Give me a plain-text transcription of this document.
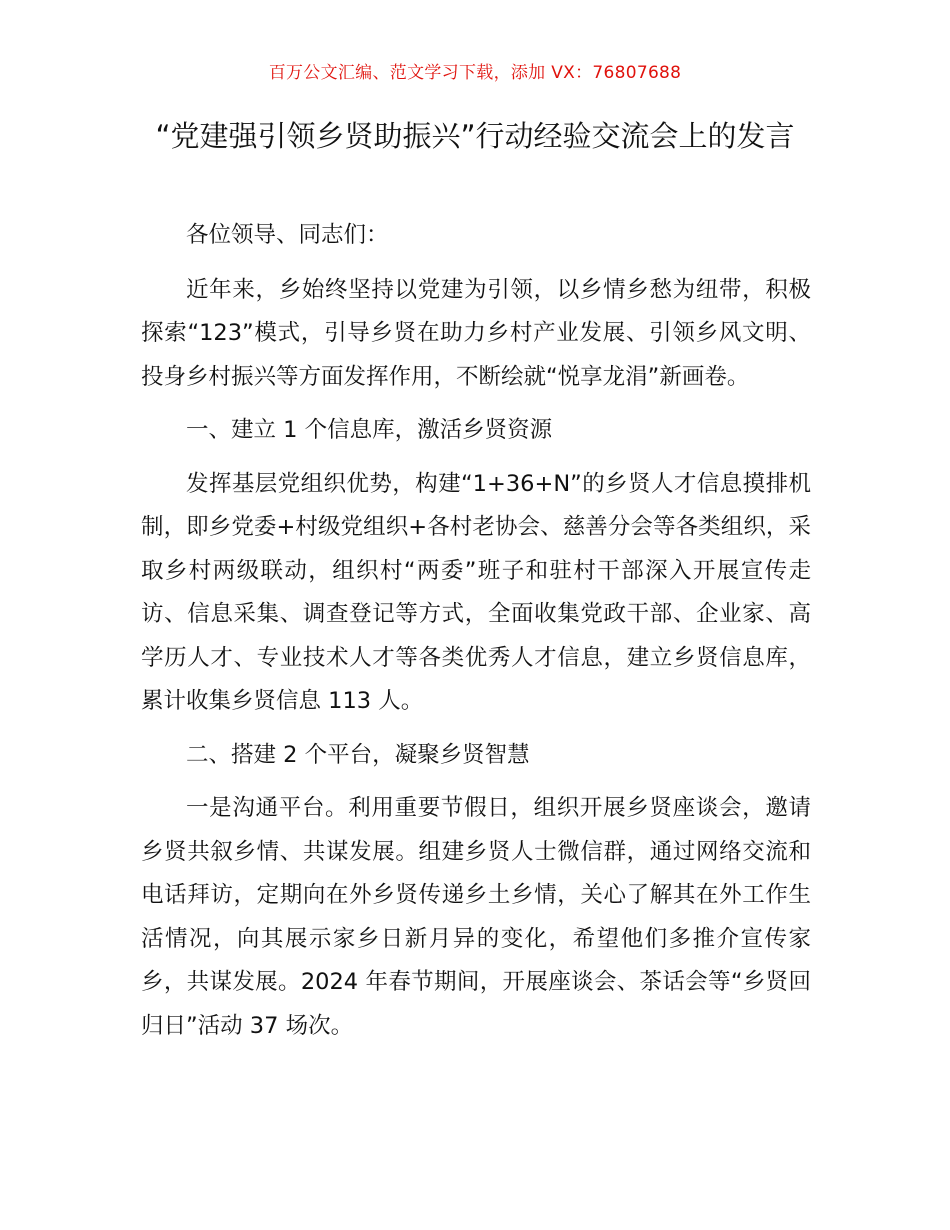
百万公文汇编、范文学习下载，添加 VX：76807688
“党建强引领乡贤助振兴”行动经验交流会上的发言

各位领导、同志们：

近年来，乡始终坚持以党建为引领，以乡情乡愁为纽带，积极探索“123”模式，引导乡贤在助力乡村产业发展、引领乡风文明、投身乡村振兴等方面发挥作用，不断绘就“悦享龙涓”新画卷。

一、建立 1 个信息库，激活乡贤资源

发挥基层党组织优势，构建“1+36+N”的乡贤人才信息摸排机制，即乡党委+村级党组织+各村老协会、慈善分会等各类组织，采取乡村两级联动，组织村“两委”班子和驻村干部深入开展宣传走访、信息采集、调查登记等方式，全面收集党政干部、企业家、高学历人才、专业技术人才等各类优秀人才信息，建立乡贤信息库，累计收集乡贤信息 113 人。

二、搭建 2 个平台，凝聚乡贤智慧

一是沟通平台。利用重要节假日，组织开展乡贤座谈会，邀请乡贤共叙乡情、共谋发展。组建乡贤人士微信群，通过网络交流和电话拜访，定期向在外乡贤传递乡土乡情，关心了解其在外工作生活情况，向其展示家乡日新月异的变化，希望他们多推介宣传家乡，共谋发展。2024 年春节期间，开展座谈会、茶话会等“乡贤回归日”活动 37 场次。
